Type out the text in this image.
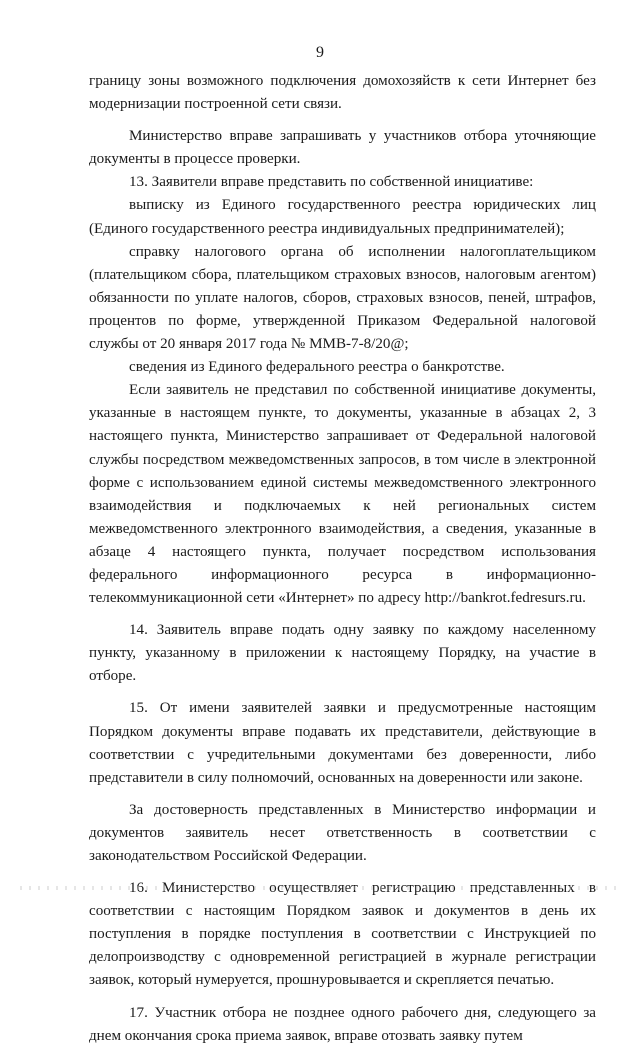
9

границу зоны возможного подключения домохозяйств к сети Интернет без модернизации построенной сети связи.

Министерство вправе запрашивать у участников отбора уточняющие документы в процессе проверки.

13. Заявители вправе представить по собственной инициативе:

выписку из Единого государственного реестра юридических лиц (Единого государственного реестра индивидуальных предпринимателей);

справку налогового органа об исполнении налогоплательщиком (плательщиком сбора, плательщиком страховых взносов, налоговым агентом) обязанности по уплате налогов, сборов, страховых взносов, пеней, штрафов, процентов по форме, утвержденной Приказом Федеральной налоговой службы от 20 января 2017 года № ММВ-7-8/20@;

сведения из Единого федерального реестра о банкротстве.

Если заявитель не представил по собственной инициативе документы, указанные в настоящем пункте, то документы, указанные в абзацах 2, 3 настоящего пункта, Министерство запрашивает от Федеральной налоговой службы посредством межведомственных запросов, в том числе в электронной форме с использованием единой системы межведомственного электронного взаимодействия и подключаемых к ней региональных систем межведомственного электронного взаимодействия, а сведения, указанные в абзаце 4 настоящего пункта, получает посредством использования федерального информационного ресурса в информационно-телекоммуникационной сети «Интернет» по адресу http://bankrot.fedresurs.ru.

14. Заявитель вправе подать одну заявку по каждому населенному пункту, указанному в приложении к настоящему Порядку, на участие в отборе.

15. От имени заявителей заявки и предусмотренные настоящим Порядком документы вправе подавать их представители, действующие в соответствии с учредительными документами без доверенности, либо представители в силу полномочий, основанных на доверенности или законе.

За достоверность представленных в Министерство информации и документов заявитель несет ответственность в соответствии с законодательством Российской Федерации.

16. Министерство осуществляет регистрацию представленных в соответствии с настоящим Порядком заявок и документов в день их поступления в порядке поступления в соответствии с Инструкцией по делопроизводству с одновременной регистрацией в журнале регистрации заявок, который нумеруется, прошнуровывается и скрепляется печатью.

17. Участник отбора не позднее одного рабочего дня, следующего за днем окончания срока приема заявок, вправе отозвать заявку путем
